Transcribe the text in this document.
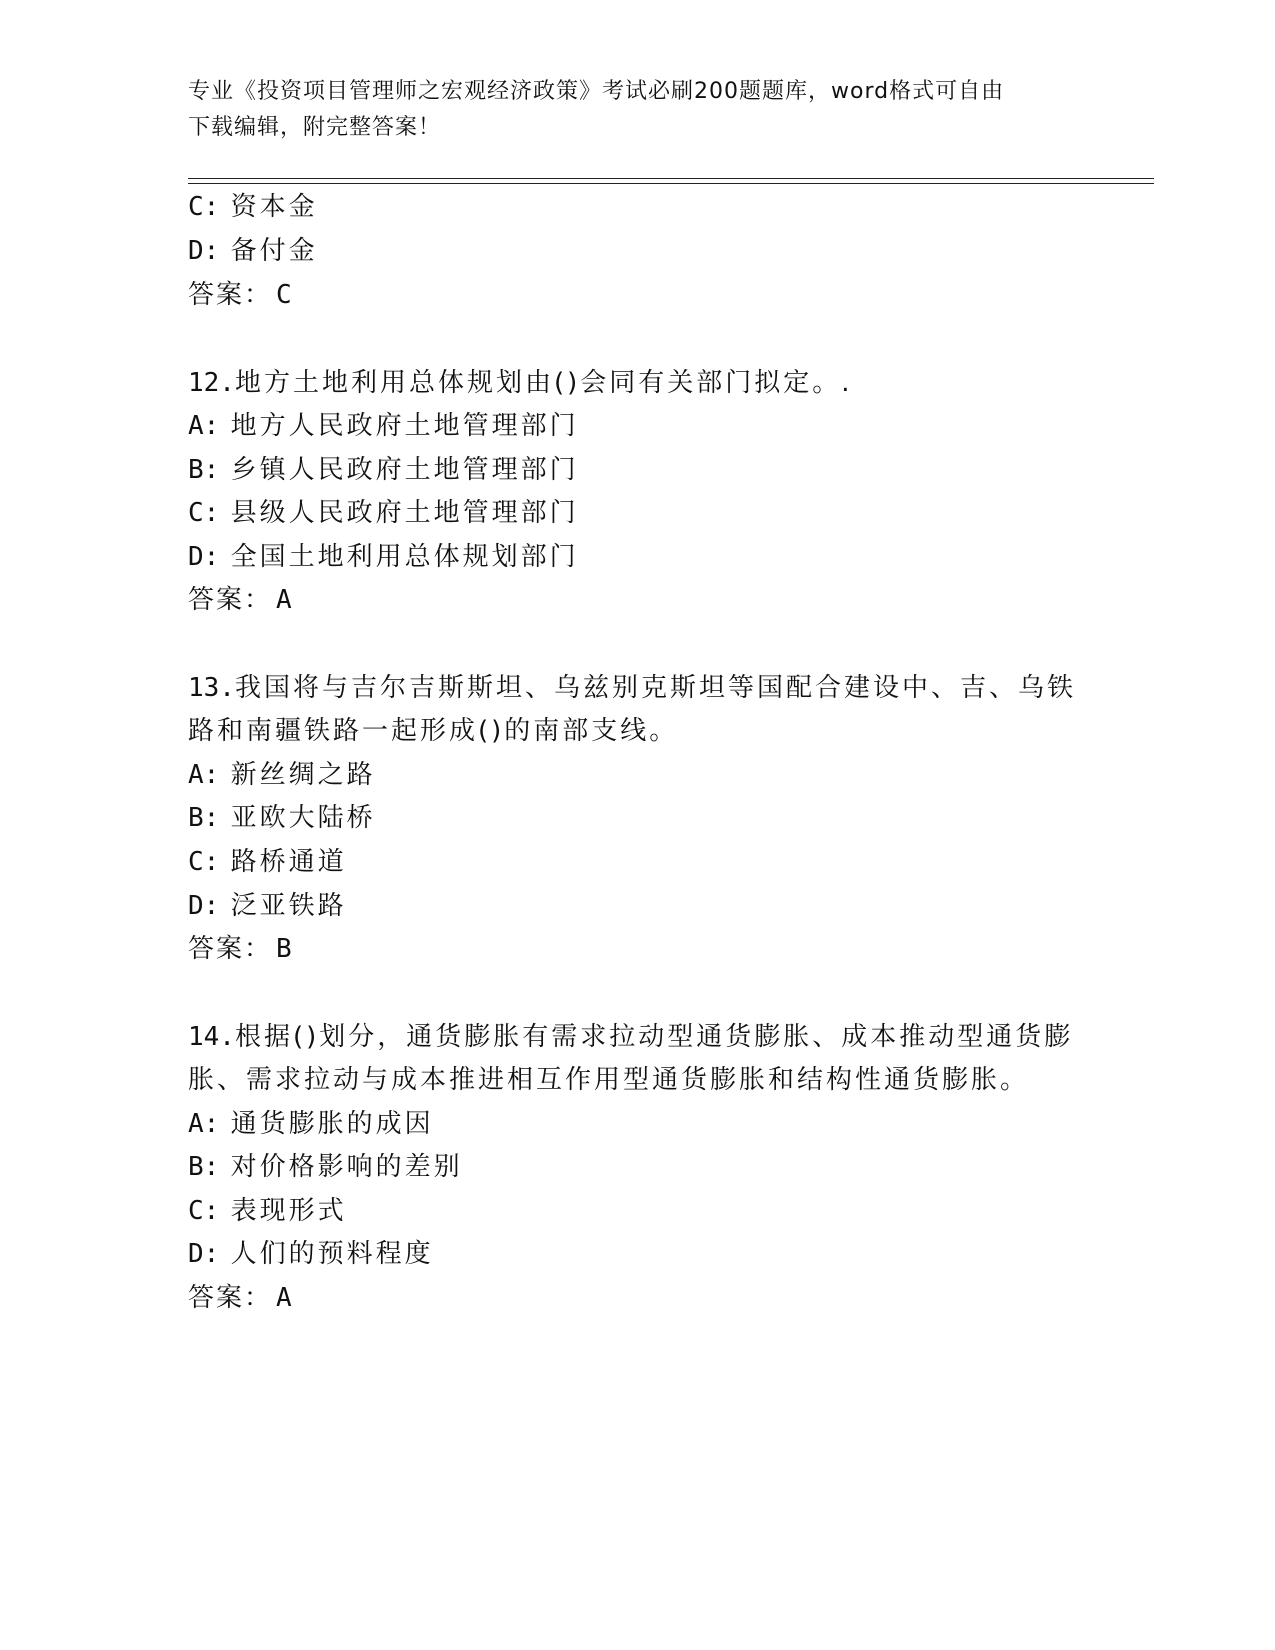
专业《投资项目管理师之宏观经济政策》考试必刷200题题库，word格式可自由
下载编辑，附完整答案！
C: 资本金
D: 备付金
答案： C
12.地方土地利用总体规划由()会同有关部门拟定。.
A: 地方人民政府土地管理部门
B: 乡镇人民政府土地管理部门
C: 县级人民政府土地管理部门
D: 全国土地利用总体规划部门
答案： A
13.我国将与吉尔吉斯斯坦、乌兹别克斯坦等国配合建设中、吉、乌铁
路和南疆铁路一起形成()的南部支线。
A: 新丝绸之路
B: 亚欧大陆桥
C: 路桥通道
D: 泛亚铁路
答案： B
14.根据()划分，通货膨胀有需求拉动型通货膨胀、成本推动型通货膨
胀、需求拉动与成本推进相互作用型通货膨胀和结构性通货膨胀。
A: 通货膨胀的成因
B: 对价格影响的差别
C: 表现形式
D: 人们的预料程度
答案： A
